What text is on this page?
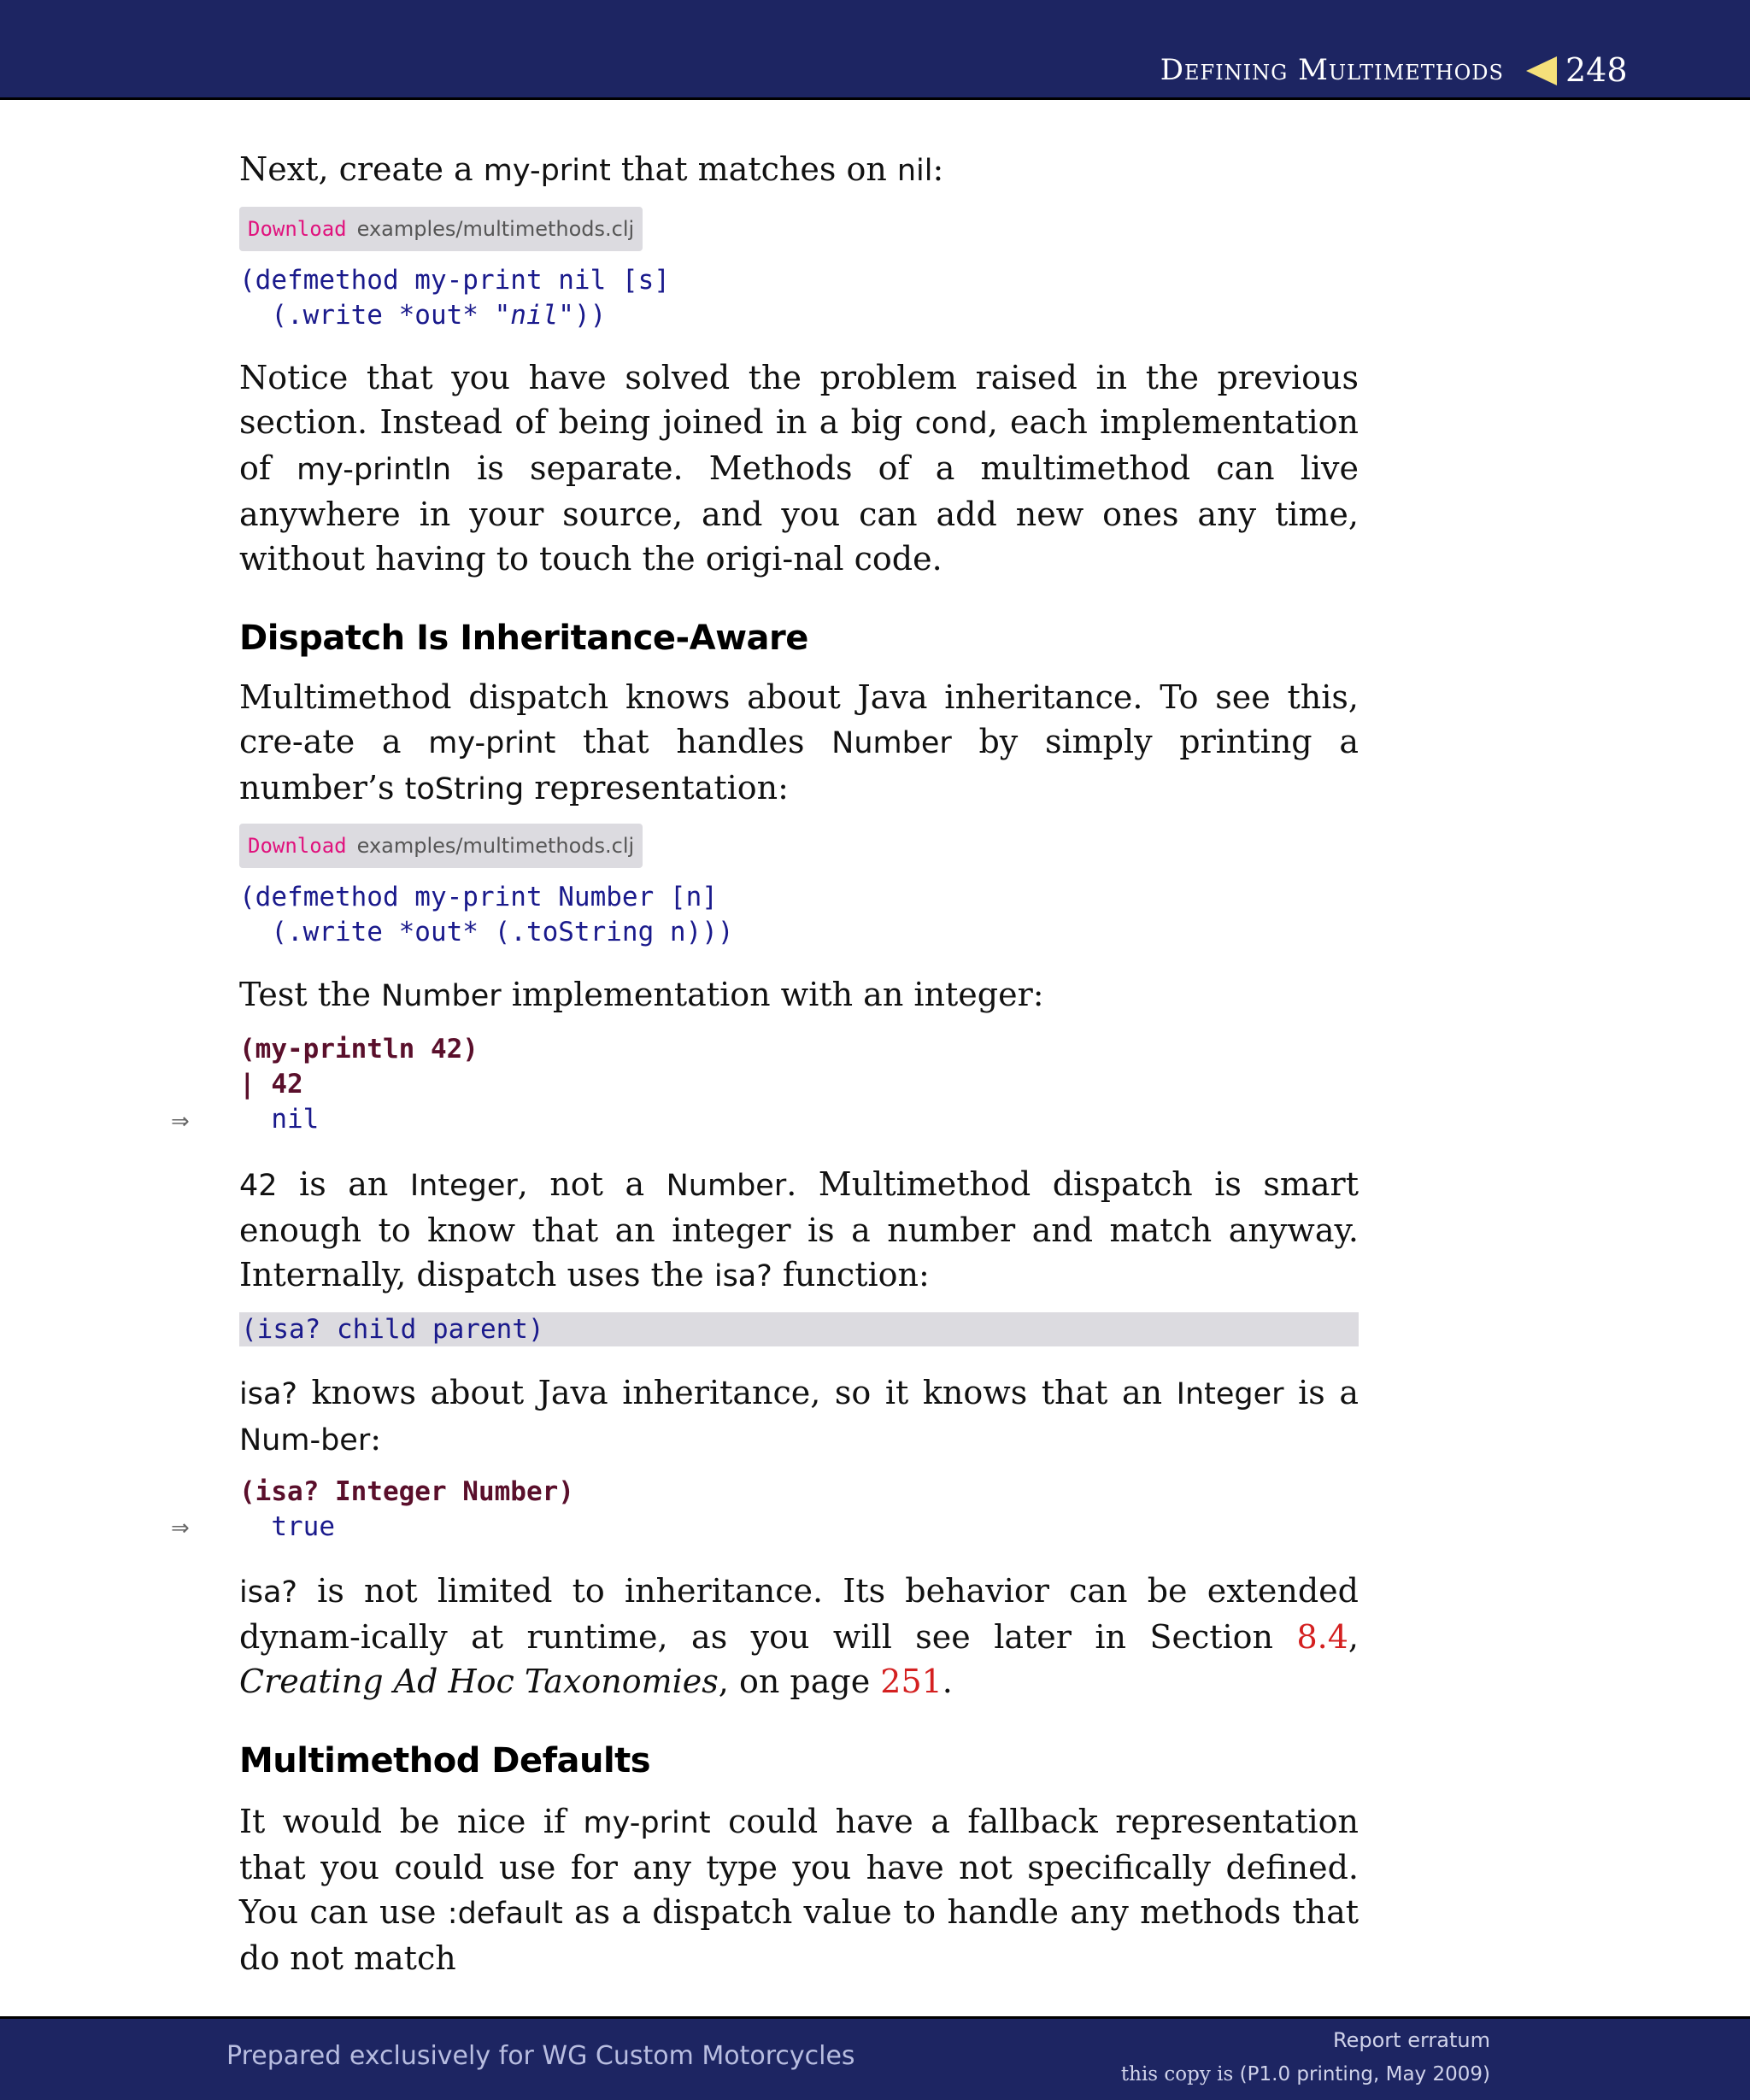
Defining Multimethods 248

Next, create a my-print that matches on nil:

Download examples/multimethods.clj
(defmethod my-print nil [s]
(.write *out* "nil"))

Notice that you have solved the problem raised in the previous section. Instead of being joined in a big cond, each implementation of my-println is separate. Methods of a multimethod can live anywhere in your source, and you can add new ones any time, without having to touch the origi-nal code.

Dispatch Is Inheritance-Aware

Multimethod dispatch knows about Java inheritance. To see this, cre-ate a my-print that handles Number by simply printing a number’s toString representation:

Download examples/multimethods.clj
(defmethod my-print Number [n]
(.write *out* (.toString n)))

Test the Number implementation with an integer:

(my-println 42)
| 42
nil

42 is an Integer, not a Number. Multimethod dispatch is smart enough to know that an integer is a number and match anyway. Internally, dispatch uses the isa? function:

(isa? child parent)

isa? knows about Java inheritance, so it knows that an Integer is a Num-ber:

(isa? Integer Number)
true

isa? is not limited to inheritance. Its behavior can be extended dynam-ically at runtime, as you will see later in Section 8.4, Creating Ad Hoc Taxonomies, on page 251.

Multimethod Defaults

It would be nice if my-print could have a fallback representation that you could use for any type you have not specifically defined. You can use :default as a dispatch value to handle any methods that do not match

⇒
⇒
Prepared exclusively for WG Custom Motorcycles
Report erratum
this copy is (P1.0 printing, May 2009)
